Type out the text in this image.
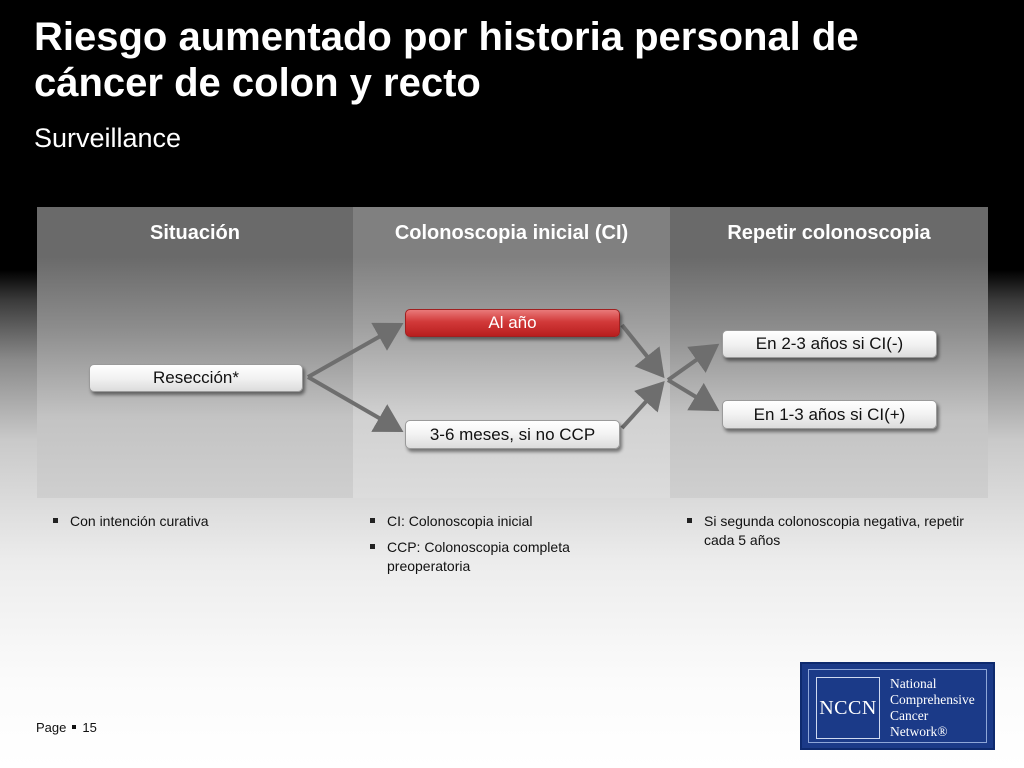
Riesgo aumentado por historia personal de cáncer de colon y recto
Surveillance
Situación	Colonoscopia inicial (CI)	Repetir colonoscopia
Resección*
Al año
3-6 meses, si no CCP
En 2-3 años si CI(-)
En 1-3 años si CI(+)
Con intención curativa	CI: Colonoscopia inicial
CCP: Colonoscopia completa preoperatoria
Si segunda colonoscopia negativa, repetir cada 5 años
Page 15
NCCN
National
Comprehensive
Cancer
Network®
